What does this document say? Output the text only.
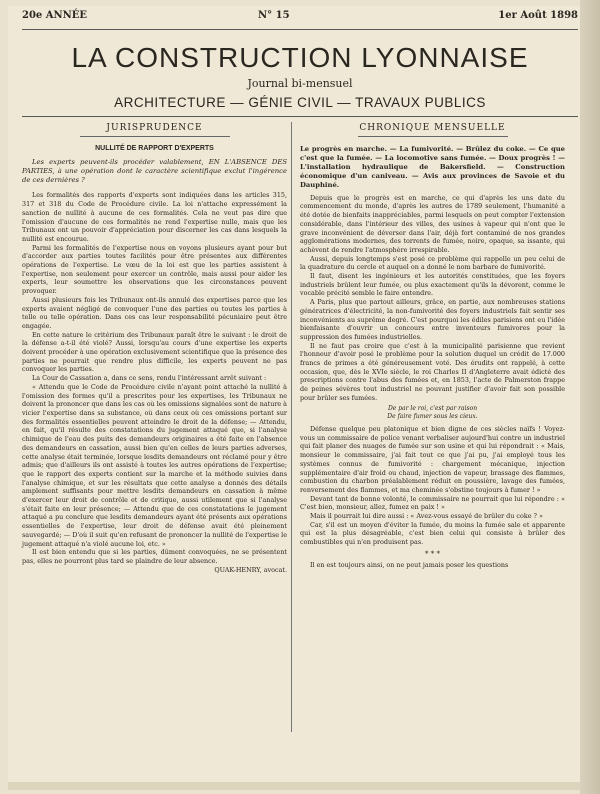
20e ANNÉE	N° 15	1er Août 1898
LA CONSTRUCTION LYONNAISE
Journal bi-mensuel
ARCHITECTURE — GÉNIE CIVIL — TRAVAUX PUBLICS
JURISPRUDENCE
NULLITÉ DE RAPPORT D'EXPERTS
Les experts peuvent-ils procéder valablement, EN L'ABSENCE DES PARTIES, à une opération dont le caractère scientifique exclut l'ingérence de ces dernières ?

Les formalités des rapports d'experts sont indiquées dans les articles 315, 317 et 318 du Code de Procédure civile. La loi n'attache expressément la sanction de nullité à aucune de ces formalités. Cela ne veut pas dire que l'omission d'aucune de ces formalités ne rend l'expertise nulle, mais que les Tribunaux ont un pouvoir d'appréciation pour discerner les cas dans lesquels la nullité est encourue.

Parmi les formalités de l'expertise nous en voyons plusieurs ayant pour but d'accorder aux parties toutes facilités pour être présentes aux différentes opérations de l'expertise. Le vœu de la loi est que les parties assistent à l'expertise, non seulement pour exercer un contrôle, mais aussi pour aider les experts, leur soumettre les observations que les circonstances peuvent provoquer.

Aussi plusieurs fois les Tribunaux ont-ils annulé des expertises parce que les experts avaient négligé de convoquer l'une des parties ou toutes les parties à telle ou telle opération. Dans ces cas leur responsabilité pécuniaire peut être engagée.

En cette nature le critérium des Tribunaux paraît être le suivant : le droit de la défense a-t-il été violé? Aussi, lorsqu'au cours d'une expertise les experts doivent procéder à une opération exclusivement scientifique que la présence des parties ne pourrait que rendre plus difficile, les experts peuvent ne pas convoquer les parties.

La Cour de Cassation a, dans ce sens, rendu l'intéressant arrêt suivant :

« Attendu que le Code de Procédure civile n'ayant point attaché la nullité à l'omission des formes qu'il a prescrites pour les expertises, les Tribunaux ne doivent la prononcer que dans les cas où les omissions signalées sont de nature à vicier l'expertise dans sa substance, où dans ceux où ces omissions portant sur des formalités essentielles peuvent atteindre le droit de la défense; — Attendu, en fait, qu'il résulte des constatations du jugement attaqué que, si l'analyse chimique de l'eau des puits des demandeurs originaires a été faite en l'absence des demandeurs en cassation, aussi bien qu'en celles de leurs parties adverses, cette analyse était terminée, lorsque lesdits demandeurs ont réclamé pour y être admis; que d'ailleurs ils ont assisté à toutes les autres opérations de l'expertise; que le rapport des experts contient sur la marche et la méthode suivies dans l'analyse chimique, et sur les résultats que cette analyse a donnés des détails amplement suffisants pour mettre lesdits demandeurs en cassation à même d'exercer leur droit de contrôle et de critique, aussi utilement que si l'analyse s'était faite en leur présence; — Attendu que de ces constatations le jugement attaqué a pu conclure que lesdits demandeurs ayant été présents aux opérations essentielles de l'expertise, leur droit de défense avait été pleinement sauvegardé; — D'où il suit qu'en refusant de prononcer la nullité de l'expertise le jugement attaqué n'a violé aucune loi, etc. »

Il est bien entendu que si les parties, dûment convoquées, ne se présentent pas, elles ne pourront plus tard se plaindre de leur absence.

QUAK-HENRY, avocat.
CHRONIQUE MENSUELLE
Le progrès en marche. — La fumivorité. — Brûlez du coke. — Ce que c'est que la fumée. — La locomotive sans fumée. — Doux progrès ! — L'installation hydraulique de Bakersfield. — Construction économique d'un caniveau. — Avis aux provinces de Savoie et du Dauphiné.

Depuis que le progrès est en marche, ce qui d'après les uns date du commencement du monde, d'après les autres de 1789 seulement, l'humanité a été dotée de bienfaits inappréciables, parmi lesquels on peut compter l'extension considérable, dans l'intérieur des villes, des usines à vapeur qui n'ont que le grave inconvénient de déverser dans l'air, déjà fort contaminé de nos grandes agglomérations modernes, des torrents de fumée, noire, opaque, sa issante, qui achèvent de rendre l'atmosphère irrespirable.

Aussi, depuis longtemps s'est posé ce problème qui rappelle un peu celui de la quadrature du cercle et auquel on a donné le nom barbare de fumivorité.

Il faut, disent les ingénieurs et les autorités constituées, que les foyers industriels brûlent leur fumée, ou plus exactement qu'ils la dévorent, comme le vocable précité semble le faire entendre.

A Paris, plus que partout ailleurs, grâce, en partie, aux nombreuses stations génératrices d'électricité, la non-fumivorité des foyers industriels fait sentir ses inconvénients au suprême degré. C'est pourquoi les édiles parisiens ont eu l'idée bienfaisante d'ouvrir un concours entre inventeurs fumivores pour la suppression des fumées industrielles.

Il ne faut pas croire que c'est à la municipalité parisienne que revient l'honneur d'avoir posé le problème pour la solution duquel un crédit de 17.000 francs de primes a été généreusement voté. Des érudits ont rappelé, à cette occasion, que, dès le XVIe siècle, le roi Charles II d'Angleterre avait édicté des prescriptions contre l'abus des fumées et, en 1853, l'acte de Palmerston frappe de peines sévères tout industriel ne pouvant justifier d'avoir fait son possible pour brûler ses fumées.

De par le roi, c'est par raison
De faire fumer sous les cieux.

Défense quelque peu platonique et bien digne de ces siècles naïfs ! Voyez-vous un commissaire de police venant verbaliser aujourd'hui contre un industriel qui fait planer des nuages de fumée sur son usine et qui lui répondrait : « Mais, monsieur le commissaire, j'ai fait tout ce que j'ai pu, j'ai employé tous les systèmes connus de fumivorité : chargement mécanique, injection supplémentaire d'air froid ou chaud, injection de vapeur, brassage des flammes, combustion du charbon préalablement réduit en poussière, lavage des fumées, renversement des flammes, et ma cheminée s'obstine toujours à fumer ! »

Devant tant de bonne volonté, le commissaire ne pourrait que lui répondre : « C'est bien, monsieur, allez, fumez en paix ! »

Mais il pourrait lui dire aussi : « Avez-vous essayé de brûler du coke ? »

Car, s'il est un moyen d'éviter la fumée, du moins la fumée sale et apparente qui est la plus désagréable, c'est bien celui qui consiste à brûler des combustibles qui n'en produisent pas.

* * *

Il en est toujours ainsi, on ne peut jamais poser les questions
